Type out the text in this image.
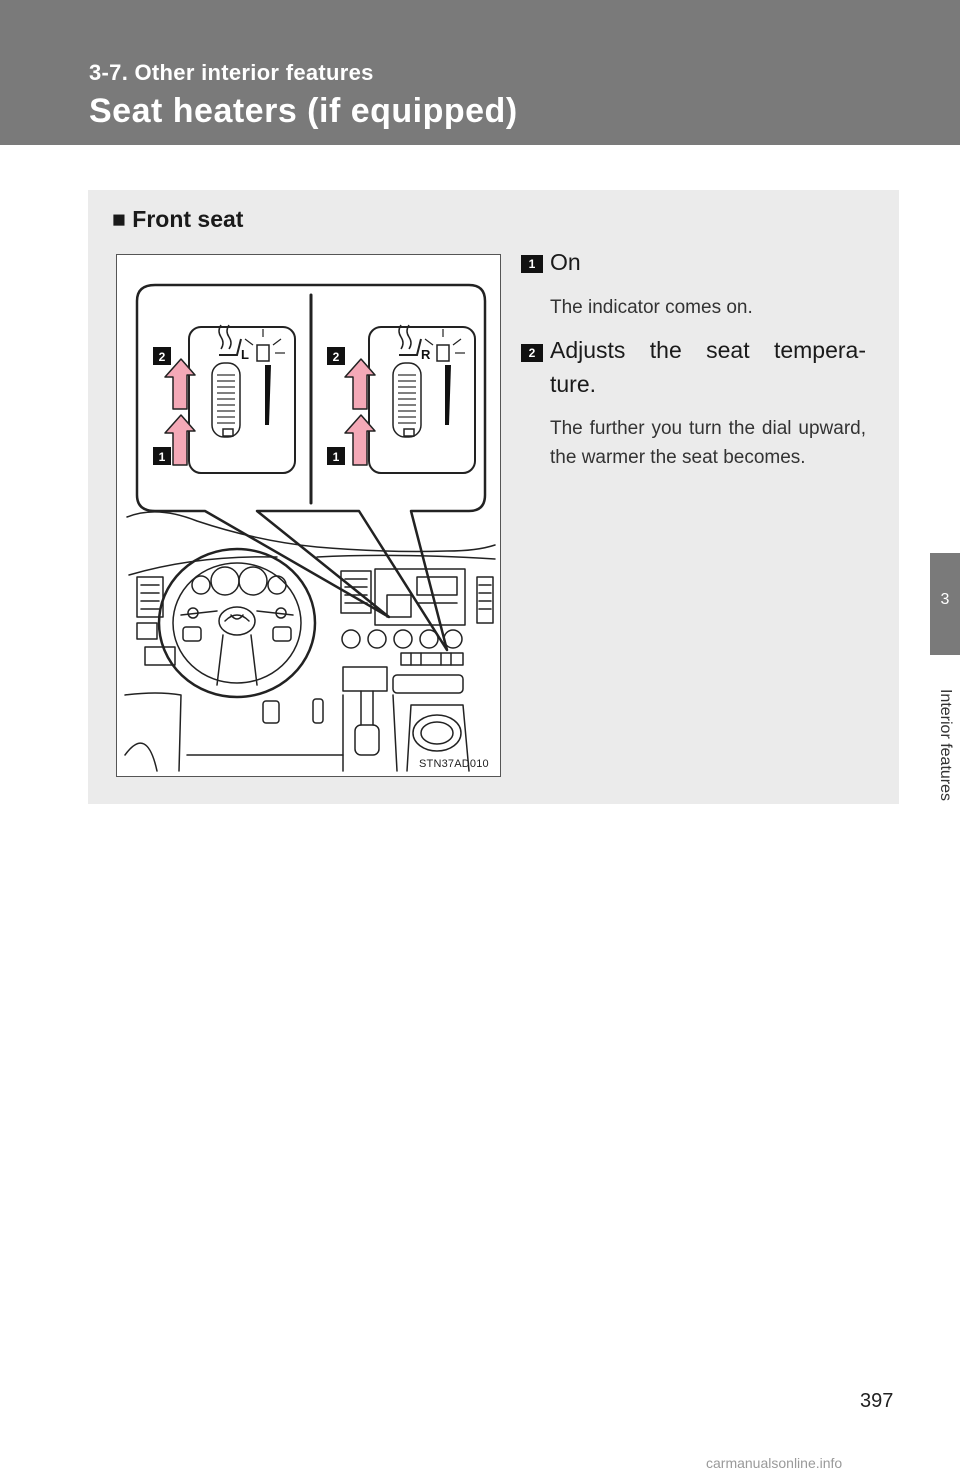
3-7. Other interior features
Seat heaters (if equipped)
3
Interior features
■ Front seat
L	R
2
1
2
1
STN37AD010
1 On
The indicator comes on.
2 Adjusts the seat tempera-ture.
The further you turn the dial upward, the warmer the seat becomes.
397
carmanualsonline.info
